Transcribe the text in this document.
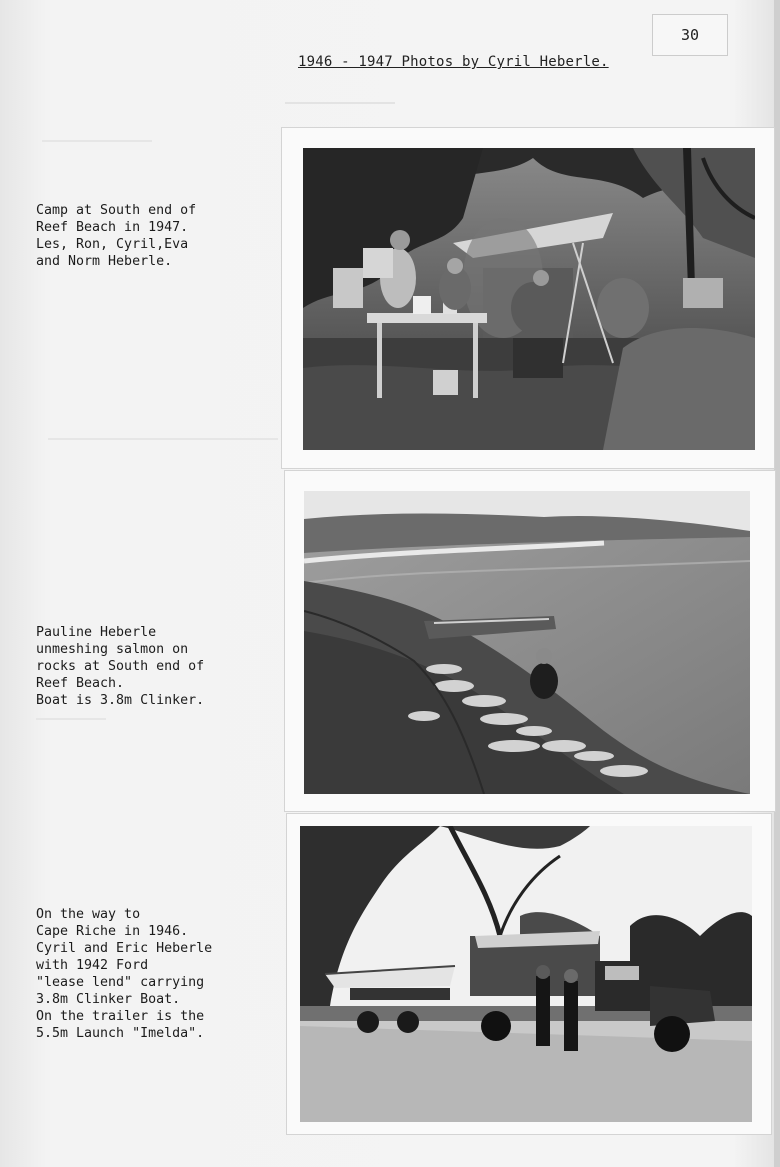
30
1946 - 1947 Photos by Cyril Heberle.
Camp at South end of
Reef Beach in 1947.
Les, Ron, Cyril,Eva
and Norm Heberle.
Pauline Heberle
unmeshing salmon on
rocks at South end of
Reef Beach.
Boat is 3.8m Clinker.
On the way to
Cape Riche in 1946.
Cyril and Eric Heberle
with 1942 Ford
"lease lend" carrying
3.8m Clinker Boat.
On the trailer is the
5.5m Launch "Imelda".
